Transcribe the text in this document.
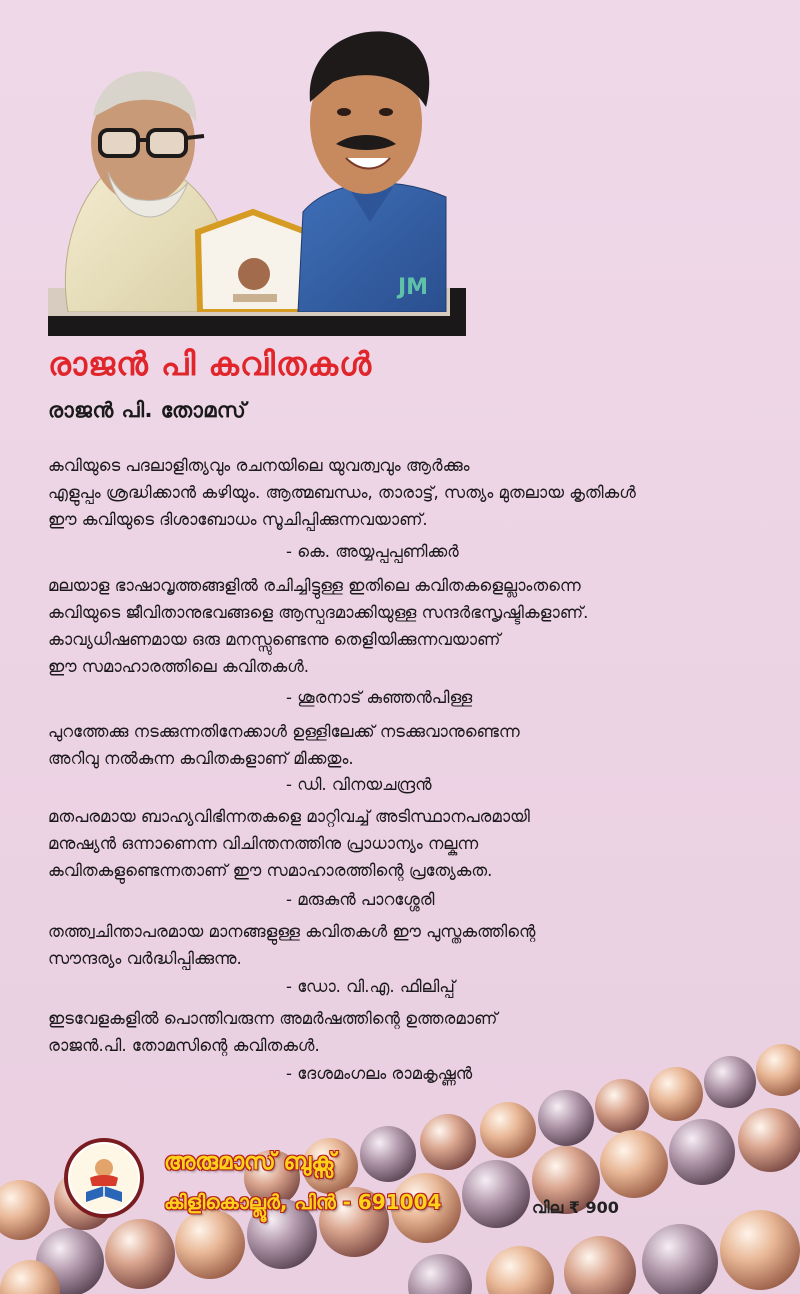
JM
രാജൻ പി കവിതകൾ
രാജൻ പി. തോമസ്

കവിയുടെ പദലാളിത്യവും രചനയിലെ യുവത്വവും ആർക്കും

എളുപ്പം ശ്രദ്ധിക്കാൻ കഴിയും. ആത്മബന്ധം, താരാട്ട്, സത്യം മുതലായ കൃതികൾ

ഈ കവിയുടെ ദിശാബോധം സൂചിപ്പിക്കുന്നവയാണ്.

- കെ. അയ്യപ്പപ്പണിക്കർ

മലയാള ഭാഷാവൃത്തങ്ങളിൽ രചിച്ചിട്ടുള്ള ഇതിലെ കവിതകളെല്ലാംതന്നെ

കവിയുടെ ജീവിതാനുഭവങ്ങളെ ആസ്പദമാക്കിയുള്ള സന്ദർഭസൃഷ്ടികളാണ്.

കാവ്യധിഷണമായ ഒരു മനസ്സുണ്ടെന്നു തെളിയിക്കുന്നവയാണ്

ഈ സമാഹാരത്തിലെ കവിതകൾ.

- ശൂരനാട് കുഞ്ഞൻപിള്ള

പുറത്തേക്കു നടക്കുന്നതിനേക്കാൾ ഉള്ളിലേക്ക് നടക്കുവാനുണ്ടെന്ന

അറിവു നൽകുന്ന കവിതകളാണ് മിക്കതും.

- ഡി. വിനയചന്ദ്രൻ

മതപരമായ ബാഹ്യവിഭിന്നതകളെ മാറ്റിവച്ച് അടിസ്ഥാനപരമായി

മനുഷ്യൻ ഒന്നാണെന്ന വിചിന്തനത്തിനു പ്രാധാന്യം നല്കുന്ന

കവിതകളുണ്ടെന്നതാണ് ഈ സമാഹാരത്തിന്റെ പ്രത്യേകത.

- മരുകുൻ പാറശ്ശേരി

തത്ത്വചിന്താപരമായ മാനങ്ങളുള്ള കവിതകൾ ഈ പുസ്തകത്തിന്റെ

സൗന്ദര്യം വർദ്ധിപ്പിക്കുന്നു.

- ഡോ. വി.എ. ഫിലിപ്പ്

ഇടവേളകളിൽ പൊന്തിവരുന്ന അമർഷത്തിന്റെ ഉത്തരമാണ്

രാജൻ.പി. തോമസിന്റെ കവിതകൾ.

- ദേശമംഗലം രാമകൃഷ്ണൻ
അരുമാസ് ബുക്സ്
കിളികൊല്ലൂർ, പിൻ - 691004	വില ₹ 900
